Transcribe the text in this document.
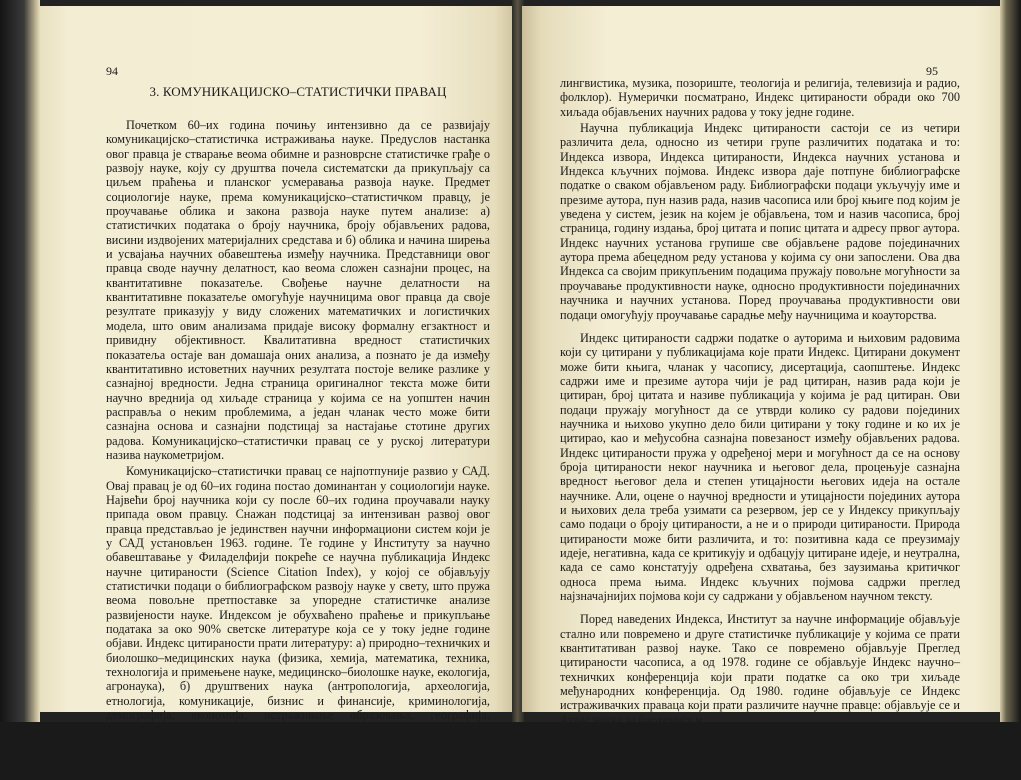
94
3. КОМУНИКАЦИЈСКО–СТАТИСТИЧКИ ПРАВАЦ

Почетком 60–их година почињу интензивно да се развијају комуникацијско–статистичка истраживања науке. Предуслов настанка овог правца је стварање веома обимне и разноврсне статистичке грађе о развоју науке, коју су друштва почела систематски да прикупљају са циљем праћења и планског усмеравања развоја науке. Предмет социологије науке, према комуникацијско–статистичком правцу, је проучавање облика и закона развоја науке путем анализе: а) статистичких података о броју научника, броју објављених радова, висини издвојених материјалних средстава и б) облика и начина ширења и усвајања научних обавештења између научника. Представници овог правца своде научну делатност, као веома сложен сазнајни процес, на квантитативне показатеље. Свођење научне делатности на квантитативне показатеље омогућује научницима овог правца да своје резултате приказују у виду сложених математичких и логистичких модела, што овим анализама придаје високу формалну егзактност и привидну објективност. Квалитативна вредност статистичких показатеља остаје ван домашаја оних анализа, а познато је да између квантитативно истоветних научних резултата постоје велике разлике у сазнајној вредности. Једна страница оригиналног текста може бити научно вреднија од хиљаде страница у којима се на уопштен начин расправља о неким проблемима, а један чланак често може бити сазнајна основа и сазнајни подстицај за настајање стотине других радова. Комуникацијско–статистички правац се у руској литератури назива наукометријом.

Комуникацијско–статистички правац се најпотпуније развио у САД. Овај правац је од 60–их година постао доминантан у социологији науке. Највећи број научника који су после 60–их година проучавали науку припада овом правцу. Снажан подстицај за интензиван развој овог правца представљао је јединствен научни информациони систем који је у САД установљен 1963. године. Те године у Институту за научно обавештавање у Филаделфији покреће се научна публикација Индекс научне цитираности (Science Citation Index), у којој се објављују статистички подаци о библиографском развоју науке у свету, што пружа веома повољне претпоставке за упоредне статистичке анализе развијености науке. Индексом је обухваћено праћење и прикупљање података за око 90% светске литературе која се у току једне године објави. Индекс цитираности прати литературу: а) природно–техничких и биолошко–медицинских наука (физика, хемија, математика, техника, технологија и примењене науке, медицинско–биолошке науке, екологија, агронаука), б) друштвених наука (антропологија, археологија, етнологија, комуникације, бизнис и финансије, криминологија, демографија, економија, истраживање образовања, географија, информатика, политичке науке, психологија и психијатрија, социологија, географија, образовање, маркетинг, планирање и развој градова и ц) хуманистичко–уметничких дисциплина (архитектура, уметност, филм, историја, филозофија, језици и

95

лингвистика, музика, позориште, теологија и религија, телевизија и радио, фолклор). Нумерички посматрано, Индекс цитираности обради око 700 хиљада објављених научних радова у току једне године.

Научна публикација Индекс цитираности састоји се из четири различита дела, односно из четири групе различитих података и то: Индекса извора, Индекса цитираности, Индекса научних установа и Индекса кључних појмова. Индекс извора даје потпуне библиографске податке о сваком објављеном раду. Библиографски подаци укључују име и презиме аутора, пун назив рада, назив часописа или број књиге под којим је уведена у систем, језик на којем је објављена, том и назив часописа, број страница, годину издања, број цитата и попис цитата и адресу првог аутора. Индекс научних установа групише све објављене радове појединачних аутора према абецедном реду установа у којима су они запослени. Ова два Индекса са својим прикупљеним подацима пружају повољне могућности за проучавање продуктивности науке, односно продуктивности појединачних научника и научних установа. Поред проучавања продуктивности ови подаци омогућују проучавање сарадње међу научницима и коауторства.

Индекс цитираности садржи податке о ауторима и њиховим радовима који су цитирани у публикацијама које прати Индекс. Цитирани документ може бити књига, чланак у часопису, дисертација, саопштење. Индекс садржи име и презиме аутора чији је рад цитиран, назив рада који је цитиран, број цитата и називе публикација у којима је рад цитиран. Ови подаци пружају могућност да се утврди колико су радови појединих научника и њихово укупно дело били цитирани у току године и ко их је цитирао, као и међусобна сазнајна повезаност између објављених радова. Индекс цитираности пружа у одређеној мери и могућност да се на основу броја цитираности неког научника и његовог дела, процењује сазнајна вредност његовог дела и степен утицајности његових идеја на остале научнике. Али, оцене о научној вредности и утицајности појединих аутора и њихових дела треба узимати са резервом, јер се у Индексу прикупљају само подаци о броју цитираности, а не и о природи цитираности. Природа цитираности може бити различита, и то: позитивна када се преузимају идеје, негативна, када се критикују и одбацују цитиране идеје, и неутрална, када се само констатују одређена схватања, без заузимања критичког односа према њима. Индекс кључних појмова садржи преглед најзначајнијих појмова који су садржани у објављеном научном тексту.

Поред наведених Индекса, Институт за научне информације објављује стално или повремено и друге статистичке публикације у којима се прати квантитативан развој науке. Тако се повремено објављује Преглед цитираности часописа, а од 1978. године се објављује Индекс научно–техничких конференција који прати податке са око три хиљаде међународних конференција. Од 1980. године објављује се Индекс истраживачких праваца који прати различите научне правце: објављује се и Атлас науке за биохемију и
